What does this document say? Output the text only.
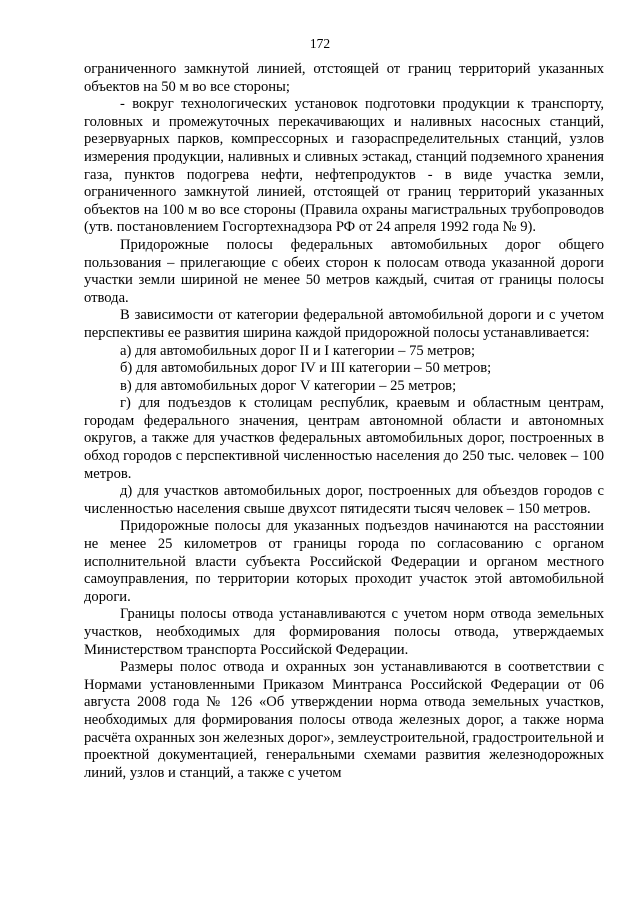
172

ограниченного замкнутой линией, отстоящей от границ территорий указанных объектов на 50 м во все стороны;

- вокруг технологических установок подготовки продукции к транспорту, головных и промежуточных перекачивающих и наливных насосных станций, резервуарных парков, компрессорных и газораспределительных станций, узлов измерения продукции, наливных и сливных эстакад, станций подземного хранения газа, пунктов подогрева нефти, нефтепродуктов - в виде участка земли, ограниченного замкнутой линией, отстоящей от границ территорий указанных объектов на 100 м во все стороны (Правила охраны магистральных трубопроводов (утв. постановлением Госгортехнадзора РФ от 24 апреля 1992 года № 9).

Придорожные полосы федеральных автомобильных дорог общего пользования – прилегающие с обеих сторон к полосам отвода указанной дороги участки земли шириной не менее 50 метров каждый, считая от границы полосы отвода.

В зависимости от категории федеральной автомобильной дороги и с учетом перспективы ее развития ширина каждой придорожной полосы устанавливается:

а) для автомобильных дорог II и I категории – 75 метров;

б) для автомобильных дорог IV и III категории – 50 метров;

в) для автомобильных дорог V категории – 25 метров;

г) для подъездов к столицам республик, краевым и областным центрам, городам федерального значения, центрам автономной области и автономных округов, а также для участков федеральных автомобильных дорог, построенных в обход городов с перспективной численностью населения до 250 тыс. человек – 100 метров.

д) для участков автомобильных дорог, построенных для объездов городов с численностью населения свыше двухсот пятидесяти тысяч человек – 150 метров.

Придорожные полосы для указанных подъездов начинаются на расстоянии не менее 25 километров от границы города по согласованию с органом исполнительной власти субъекта Российской Федерации и органом местного самоуправления, по территории которых проходит участок этой автомобильной дороги.

Границы полосы отвода устанавливаются с учетом норм отвода земельных участков, необходимых для формирования полосы отвода, утверждаемых Министерством транспорта Российской Федерации.

Размеры полос отвода и охранных зон устанавливаются в соответствии с Нормами установленными Приказом Минтранса Российской Федерации от 06 августа 2008 года № 126 «Об утверждении норма отвода земельных участков, необходимых для формирования полосы отвода железных дорог, а также норма расчёта охранных зон железных дорог», землеустроительной, градостроительной и проектной документацией, генеральными схемами развития железнодорожных линий, узлов и станций, а также с учетом
